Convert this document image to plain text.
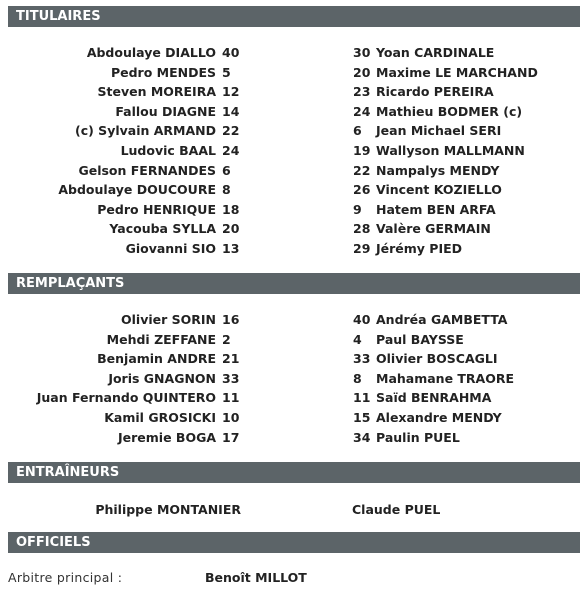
TITULAIRES
Abdoulaye DIALLO 40	30 Yoan CARDINALE
Pedro MENDES 5	20 Maxime LE MARCHAND
Steven MOREIRA 12	23 Ricardo PEREIRA
Fallou DIAGNE 14	24 Mathieu BODMER (c)
(c) Sylvain ARMAND 22	6 Jean Michael SERI
Ludovic BAAL 24	19 Wallyson MALLMANN
Gelson FERNANDES 6	22 Nampalys MENDY
Abdoulaye DOUCOURE 8	26 Vincent KOZIELLO
Pedro HENRIQUE 18	9 Hatem BEN ARFA
Yacouba SYLLA 20	28 Valère GERMAIN
Giovanni SIO 13	29 Jérémy PIED
REMPLAÇANTS
Olivier SORIN 16	40 Andréa GAMBETTA
Mehdi ZEFFANE 2	4 Paul BAYSSE
Benjamin ANDRE 21	33 Olivier BOSCAGLI
Joris GNAGNON 33	8 Mahamane TRAORE
Juan Fernando QUINTERO 11	11 Saïd BENRAHMA
Kamil GROSICKI 10	15 Alexandre MENDY
Jeremie BOGA 17	34 Paulin PUEL
ENTRAÎNEURS
Philippe MONTANIER	Claude PUEL
OFFICIELS
Arbitre principal :	Benoît MILLOT
